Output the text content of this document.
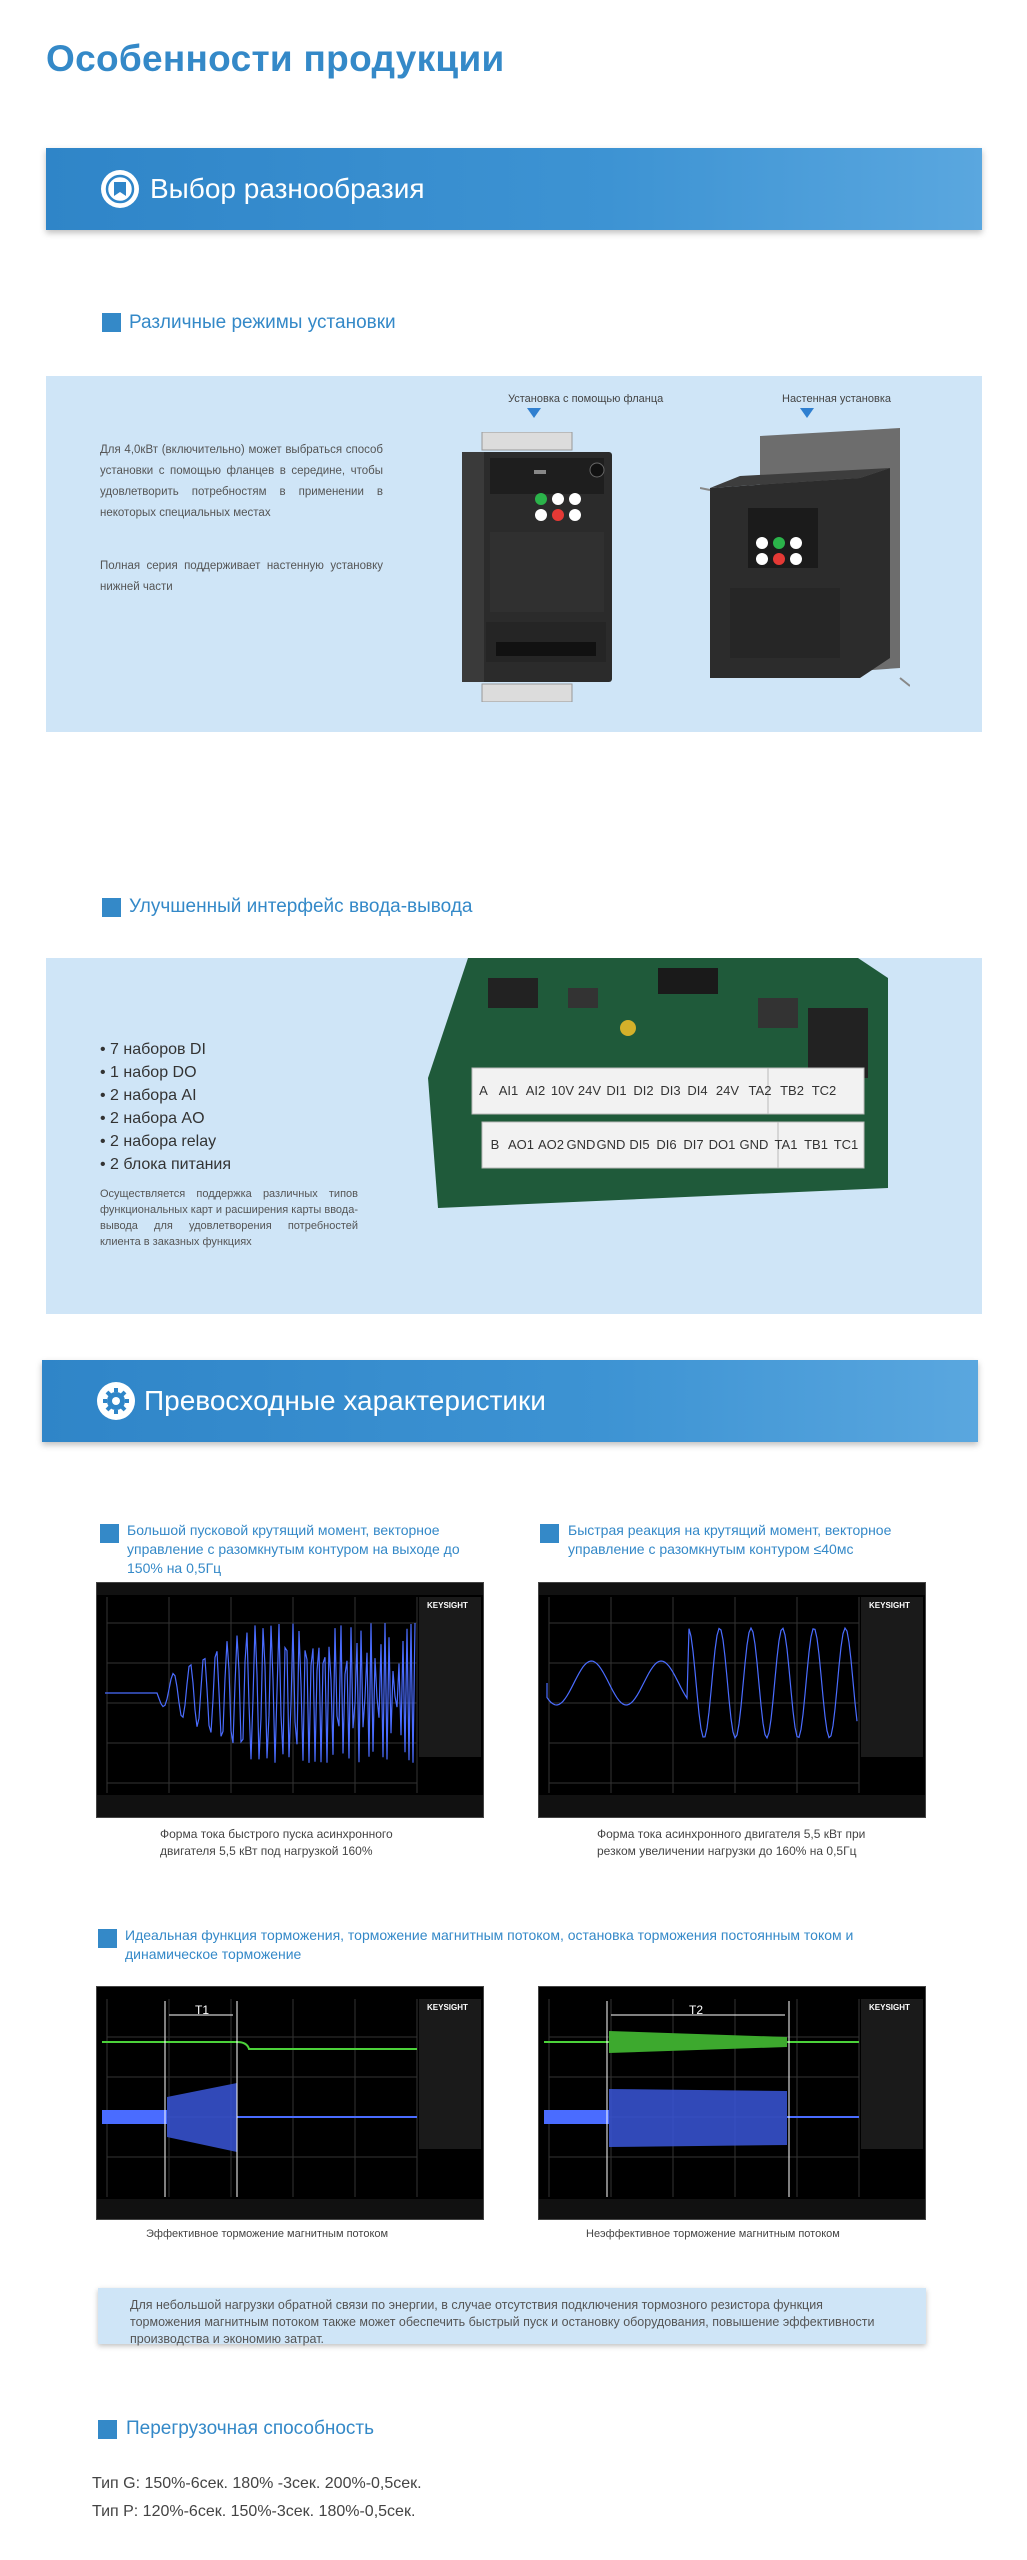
Особенности продукции
Выбор разнообразия
Различные режимы установки
Для 4,0кВт (включительно) может выбраться способ установки с помощью фланцев в середине, чтобы удовлетворить потребностям в применении в некоторых специальных местах
Полная серия поддерживает настенную установку нижней части
Установка с помощью фланца	Настенная установка
Улучшенный интерфейс ввода-вывода
• 7 наборов DI
• 1 набор DO
• 2 набора AI
• 2 набора AO
• 2 набора relay
• 2 блока питания
Осуществляется поддержка различных типов функциональных карт и расширения карты ввода-вывода для удовлетворения потребностей клиента в заказных функциях
A AI1 AI2 10V 24V DI1 DI2 DI3 DI4 24V TA2 TB2 TC2
B AO1 AO2 GND GND DI5 DI6 DI7 DO1 GND TA1 TB1 TC1
Превосходные характеристики
Большой пусковой крутящий момент, векторное управление с разомкнутым контуром на выходе до 150% на 0,5Гц
Быстрая реакция на крутящий момент, векторное управление с разомкнутым контуром ≤40мс
KEYSIGHT
Форма тока быстрого пуска асинхронного двигателя 5,5 кВт под нагрузкой 160%
KEYSIGHT
Форма тока асинхронного двигателя 5,5 кВт при резком увеличении нагрузки до 160% на 0,5Гц
Идеальная функция торможения, торможение магнитным потоком, остановка торможения постоянным током и динамическое торможение
T1	KEYSIGHT
Эффективное торможение магнитным потоком
T2	KEYSIGHT
Неэффективное торможение магнитным потоком
Для небольшой нагрузки обратной связи по энергии, в случае отсутствия подключения тормозного резистора функция торможения магнитным потоком также может обеспечить быстрый пуск и остановку оборудования, повышение эффективности производства и экономию затрат.
Перегрузочная способность
Тип G: 150%-6сек. 180% -3сек. 200%-0,5сек.
Тип P: 120%-6сек. 150%-3сек. 180%-0,5сек.
